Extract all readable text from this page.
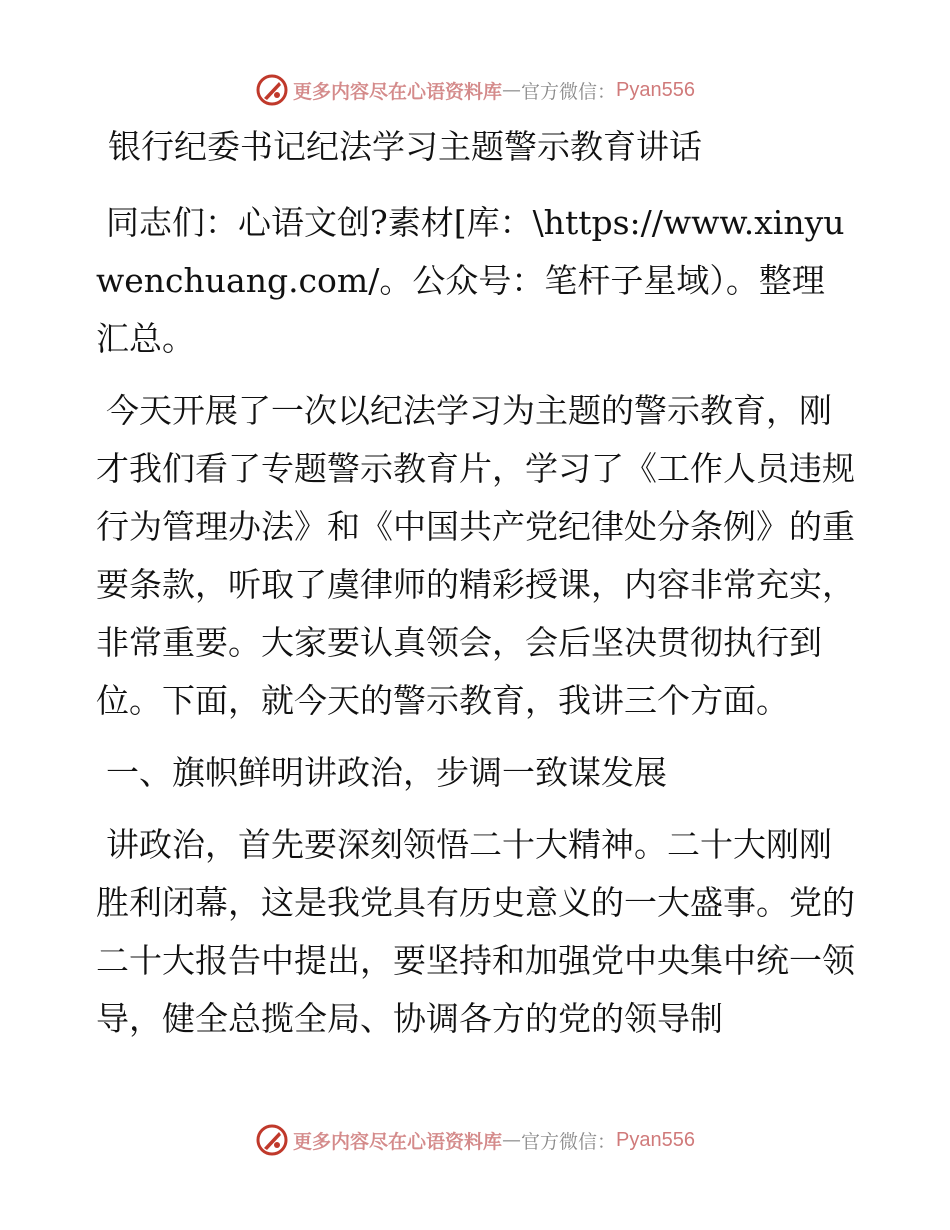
更多内容尽在心语资料库 — 官方微信： Pyan556

银行纪委书记纪法学习主题警示教育讲话

同志们：心语文创?素材[库：\https://www.xinyuwenchuang.com/。公众号：笔杆子星域）。整理汇总。

今天开展了一次以纪法学习为主题的警示教育，刚才我们看了专题警示教育片，学习了《工作人员违规行为管理办法》和《中国共产党纪律处分条例》的重要条款，听取了虞律师的精彩授课，内容非常充实，非常重要。大家要认真领会，会后坚决贯彻执行到位。下面，就今天的警示教育，我讲三个方面。

一、旗帜鲜明讲政治，步调一致谋发展

讲政治，首先要深刻领悟二十大精神。二十大刚刚胜利闭幕，这是我党具有历史意义的一大盛事。党的二十大报告中提出，要坚持和加强党中央集中统一领导，健全总揽全局、协调各方的党的领导制

更多内容尽在心语资料库 — 官方微信： Pyan556
